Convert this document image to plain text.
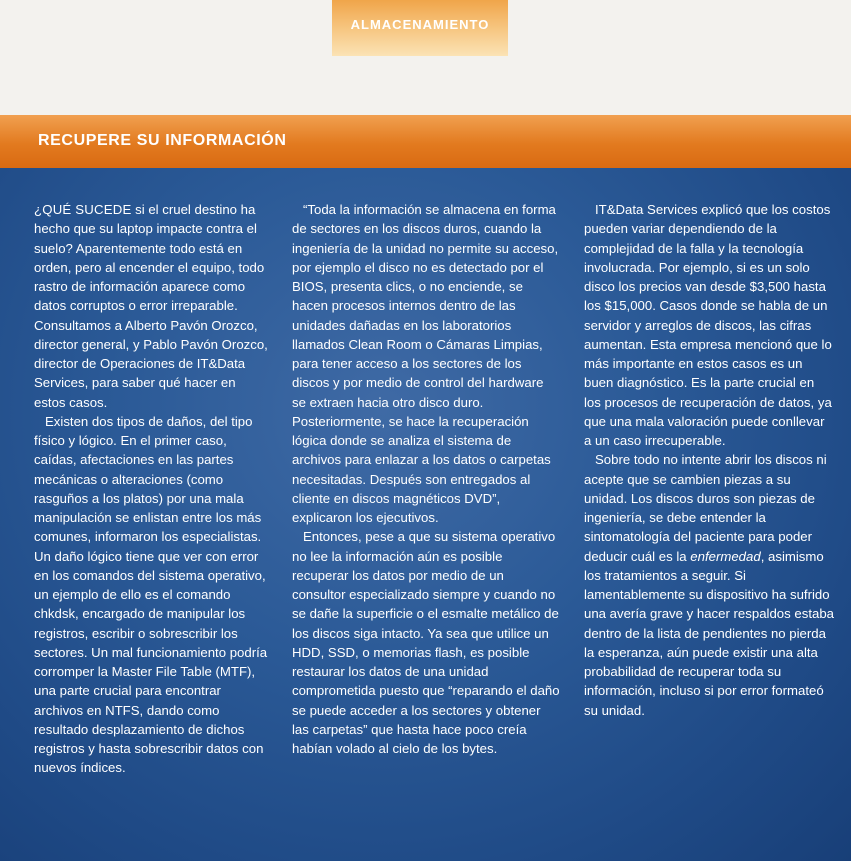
ALMACENAMIENTO
RECUPERE SU INFORMACIÓN

¿QUÉ SUCEDE si el cruel destino ha hecho que su laptop impacte contra el suelo? Aparentemente todo está en orden, pero al encender el equipo, todo rastro de información aparece como datos corruptos o error irreparable. Consultamos a Alberto Pavón Orozco, director general, y Pablo Pavón Orozco, director de Operaciones de IT&Data Services, para saber qué hacer en estos casos.

Existen dos tipos de daños, del tipo físico y lógico. En el primer caso, caídas, afectaciones en las partes mecánicas o alteraciones (como rasguños a los platos) por una mala manipulación se enlistan entre los más comunes, informaron los especialistas. Un daño lógico tiene que ver con error en los comandos del sistema operativo, un ejemplo de ello es el comando chkdsk, encargado de manipular los registros, escribir o sobrescribir los sectores. Un mal funcionamiento podría corromper la Master File Table (MTF), una parte crucial para encontrar archivos en NTFS, dando como resultado desplazamiento de dichos registros y hasta sobrescribir datos con nuevos índices.

“Toda la información se almacena en forma de sectores en los discos duros, cuando la ingeniería de la unidad no permite su acceso, por ejemplo el disco no es detectado por el BIOS, presenta clics, o no enciende, se hacen procesos internos dentro de las unidades dañadas en los laboratorios llamados Clean Room o Cámaras Limpias, para tener acceso a los sectores de los discos y por medio de control del hardware se extraen hacia otro disco duro. Posteriormente, se hace la recuperación lógica donde se analiza el sistema de archivos para enlazar a los datos o carpetas necesitadas. Después son entregados al cliente en discos magnéticos DVD”, explicaron los ejecutivos.

Entonces, pese a que su sistema operativo no lee la información aún es posible recuperar los datos por medio de un consultor especializado siempre y cuando no se dañe la superficie o el esmalte metálico de los discos siga intacto. Ya sea que utilice un HDD, SSD, o memorias flash, es posible restaurar los datos de una unidad comprometida puesto que “reparando el daño se puede acceder a los sectores y obtener las carpetas” que hasta hace poco creía habían volado al cielo de los bytes.

IT&Data Services explicó que los costos pueden variar dependiendo de la complejidad de la falla y la tecnología involucrada. Por ejemplo, si es un solo disco los precios van desde $3,500 hasta los $15,000. Casos donde se habla de un servidor y arreglos de discos, las cifras aumentan. Esta empresa mencionó que lo más importante en estos casos es un buen diagnóstico. Es la parte crucial en los procesos de recuperación de datos, ya que una mala valoración puede conllevar a un caso irrecuperable.

Sobre todo no intente abrir los discos ni acepte que se cambien piezas a su unidad. Los discos duros son piezas de ingeniería, se debe entender la sintomatología del paciente para poder deducir cuál es la enfermedad, asimismo los tratamientos a seguir. Si lamentablemente su dispositivo ha sufrido una avería grave y hacer respaldos estaba dentro de la lista de pendientes no pierda la esperanza, aún puede existir una alta probabilidad de recuperar toda su información, incluso si por error formateó su unidad.
